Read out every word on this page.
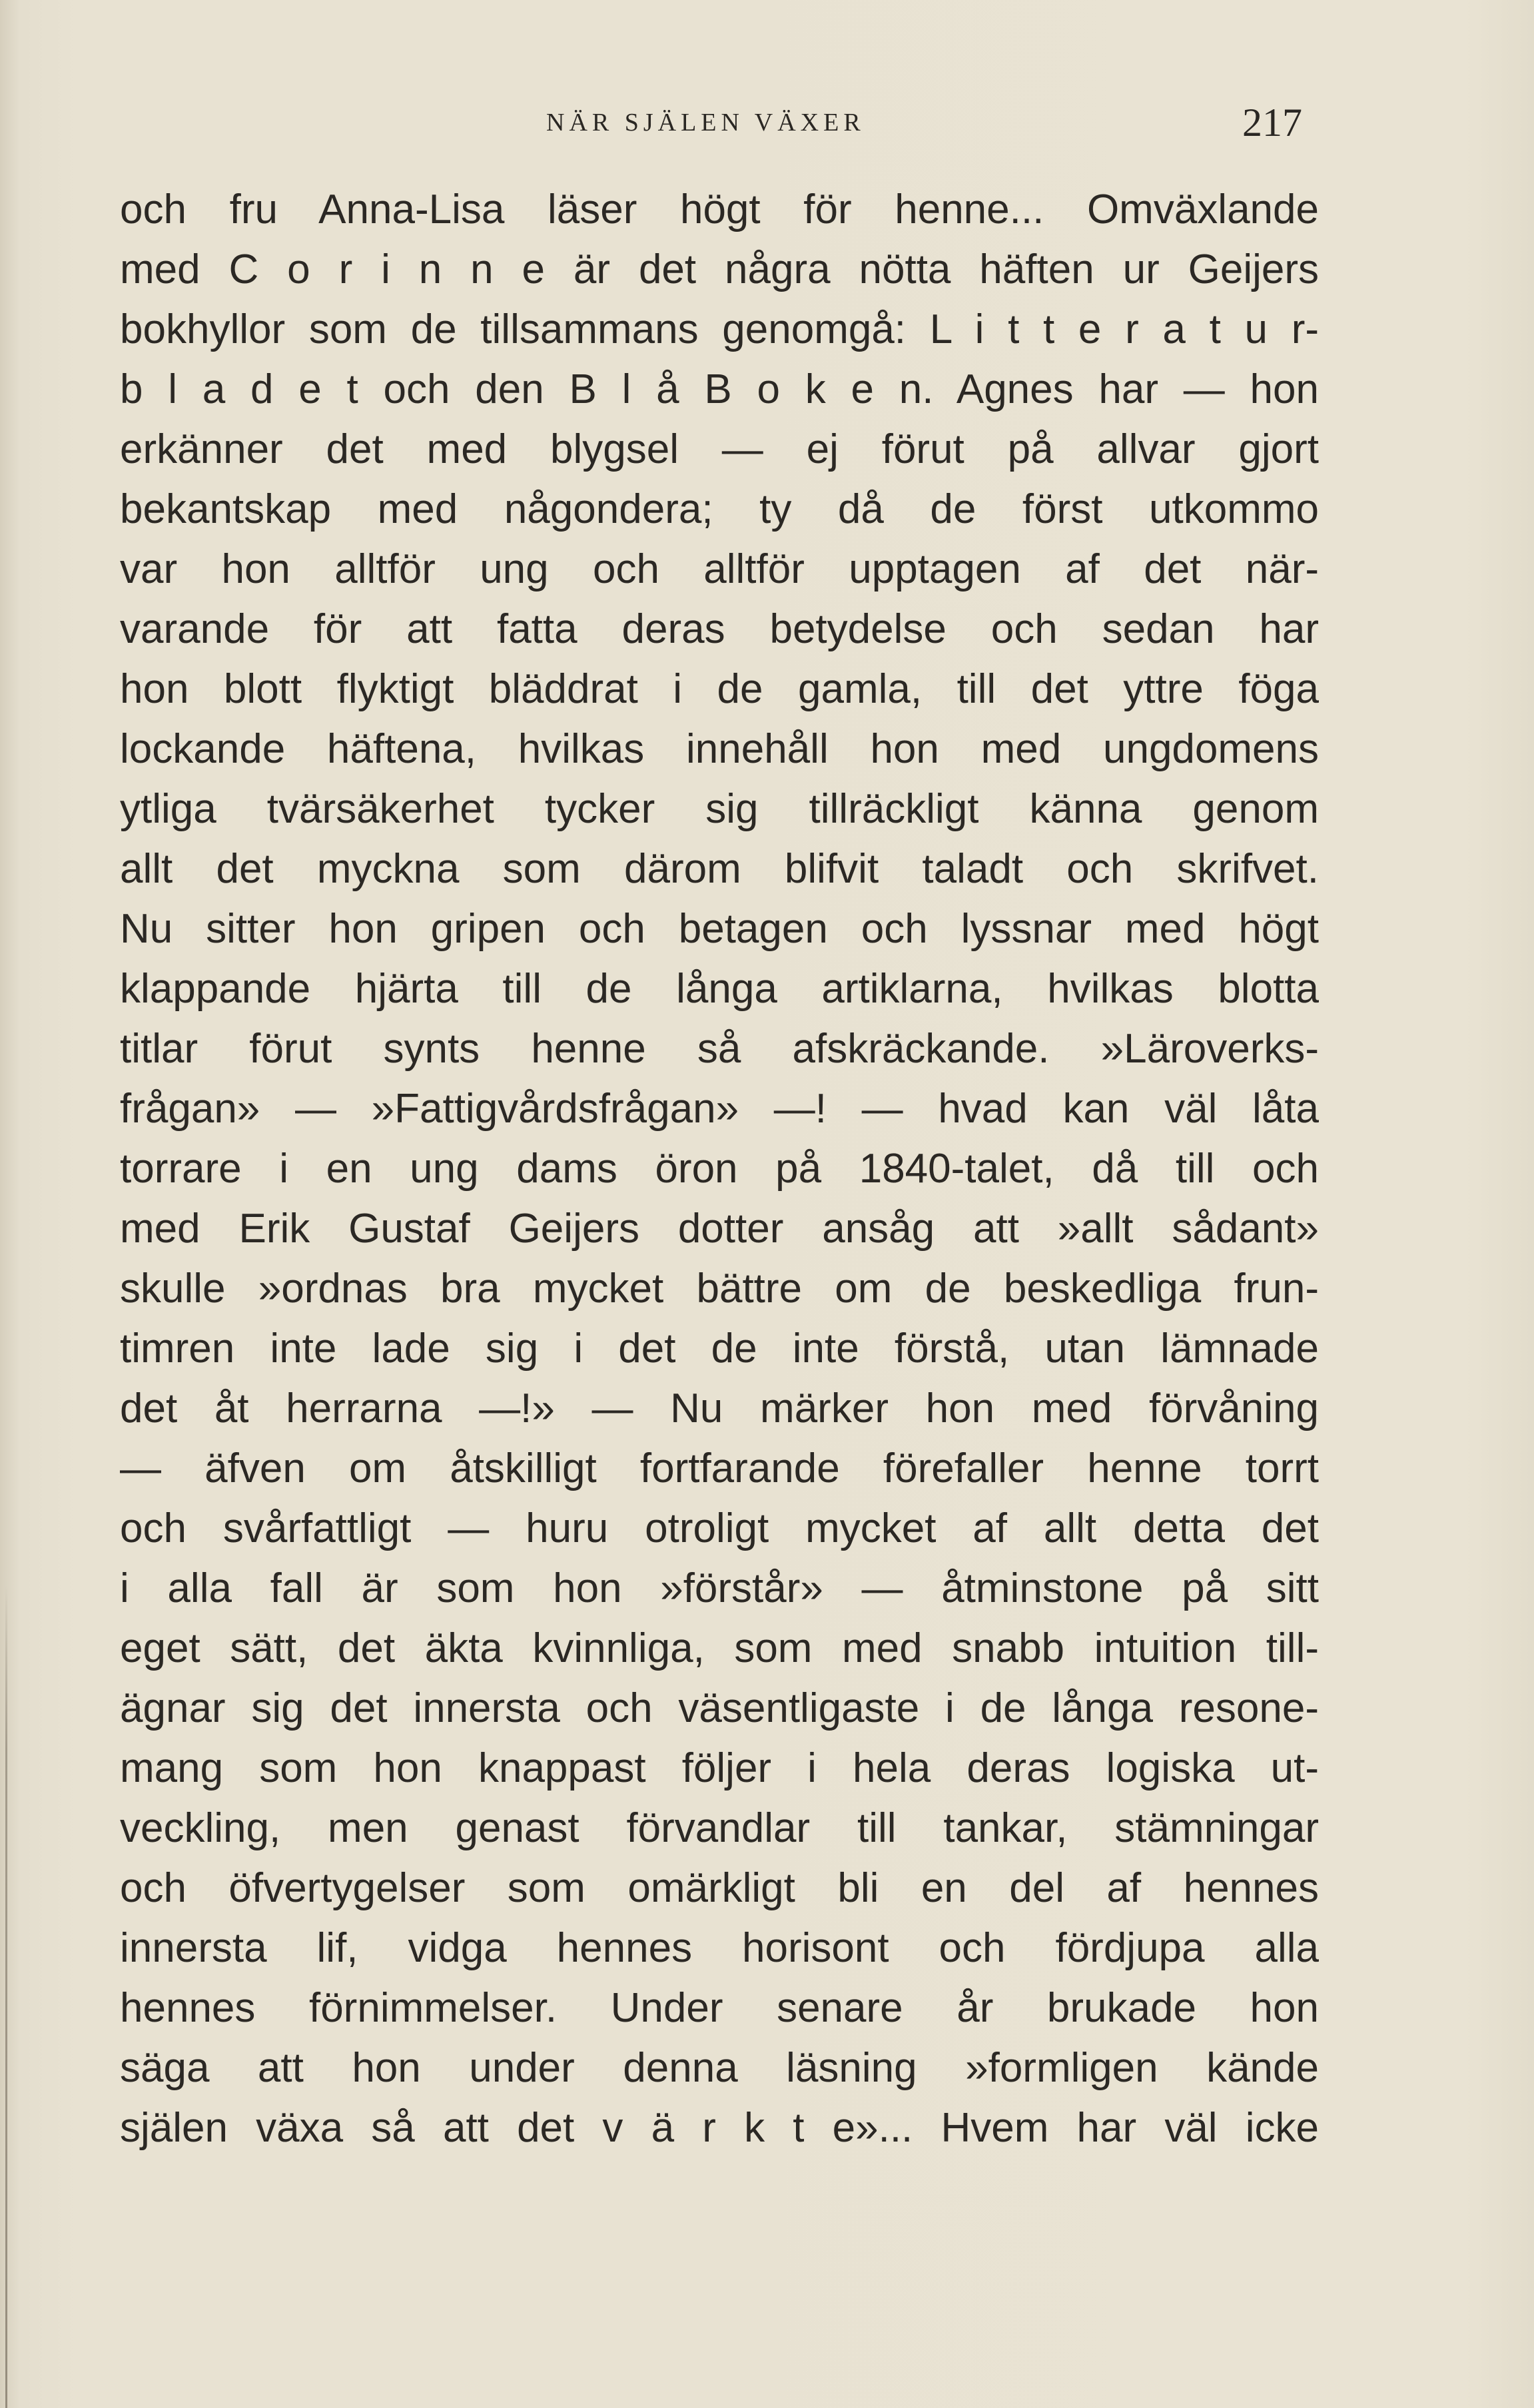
NÄR SJÄLEN VÄXER	217
och fru Anna-Lisa läser högt för henne... Omväxlande
med C o r i n n e är det några nötta häften ur Geijers
bokhyllor som de tillsammans genomgå: L i t t e r a t u r-
b l a d e t och den B l å B o k e n. Agnes har — hon
erkänner det med blygsel — ej förut på allvar gjort
bekantskap med någondera; ty då de först utkommo
var hon alltför ung och alltför upptagen af det när-
varande för att fatta deras betydelse och sedan har
hon blott flyktigt bläddrat i de gamla, till det yttre föga
lockande häftena, hvilkas innehåll hon med ungdomens
ytliga tvärsäkerhet tycker sig tillräckligt känna genom
allt det myckna som därom blifvit taladt och skrifvet.
Nu sitter hon gripen och betagen och lyssnar med högt
klappande hjärta till de långa artiklarna, hvilkas blotta
titlar förut synts henne så afskräckande. »Läroverks-
frågan» — »Fattigvårdsfrågan» —! — hvad kan väl låta
torrare i en ung dams öron på 1840-talet, då till och
med Erik Gustaf Geijers dotter ansåg att »allt sådant»
skulle »ordnas bra mycket bättre om de beskedliga frun-
timren inte lade sig i det de inte förstå, utan lämnade
det åt herrarna —!» — Nu märker hon med förvåning
— äfven om åtskilligt fortfarande förefaller henne torrt
och svårfattligt — huru otroligt mycket af allt detta det
i alla fall är som hon »förstår» — åtminstone på sitt
eget sätt, det äkta kvinnliga, som med snabb intuition till-
ägnar sig det innersta och väsentligaste i de långa resone-
mang som hon knappast följer i hela deras logiska ut-
veckling, men genast förvandlar till tankar, stämningar
och öfvertygelser som omärkligt bli en del af hennes
innersta lif, vidga hennes horisont och fördjupa alla
hennes förnimmelser. Under senare år brukade hon
säga att hon under denna läsning »formligen kände
själen växa så att det v ä r k t e»... Hvem har väl icke
